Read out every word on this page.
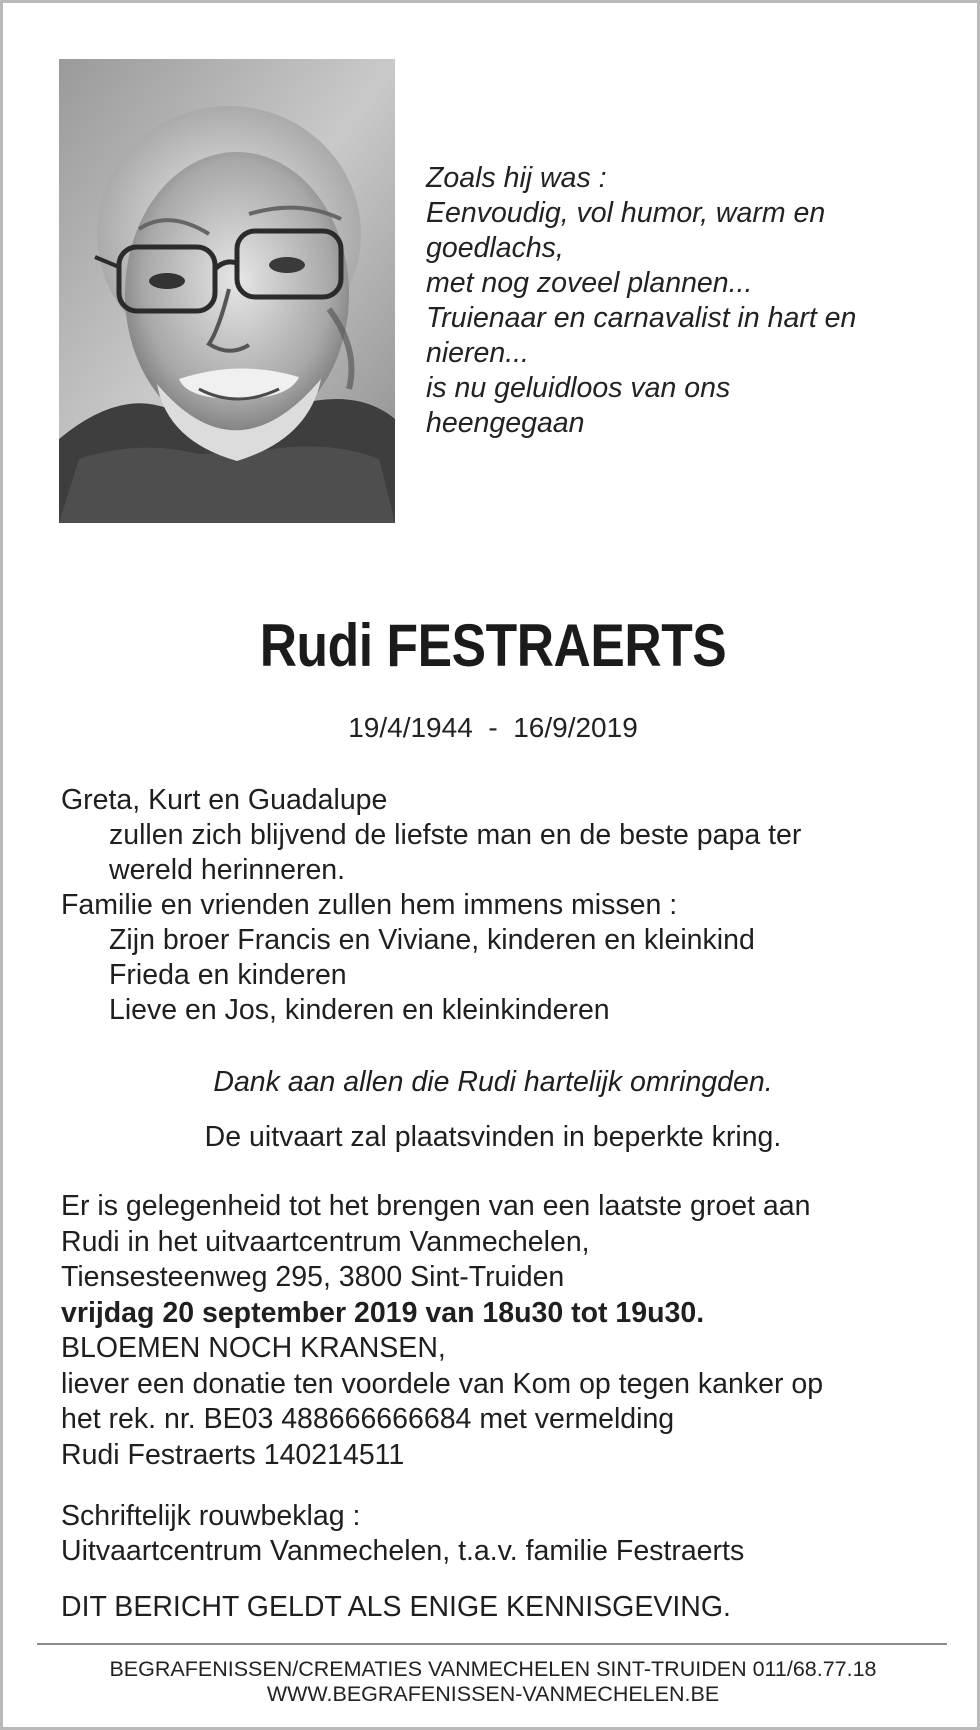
Zoals hij was :
Eenvoudig, vol humor, warm en
goedlachs,
met nog zoveel plannen...
Truienaar en carnavalist in hart en
nieren...
is nu geluidloos van ons
heengegaan
Rudi FESTRAERTS
19/4/1944  -  16/9/2019
Greta, Kurt en Guadalupe
zullen zich blijvend de liefste man en de beste papa ter
wereld herinneren.
Familie en vrienden zullen hem immens missen :
Zijn broer Francis en Viviane, kinderen en kleinkind
Frieda en kinderen
Lieve en Jos, kinderen en kleinkinderen
Dank aan allen die Rudi hartelijk omringden.
De uitvaart zal plaatsvinden in beperkte kring.
Er is gelegenheid tot het brengen van een laatste groet aan
Rudi in het uitvaartcentrum Vanmechelen,
Tiensesteenweg 295, 3800 Sint-Truiden
vrijdag 20 september 2019 van 18u30 tot 19u30.
BLOEMEN NOCH KRANSEN,
liever een donatie ten voordele van Kom op tegen kanker op
het rek. nr. BE03 488666666684 met vermelding
Rudi Festraerts 140214511
Schriftelijk rouwbeklag :
Uitvaartcentrum Vanmechelen, t.a.v. familie Festraerts
DIT BERICHT GELDT ALS ENIGE KENNISGEVING.
BEGRAFENISSEN/CREMATIES VANMECHELEN SINT-TRUIDEN 011/68.77.18
WWW.BEGRAFENISSEN-VANMECHELEN.BE
